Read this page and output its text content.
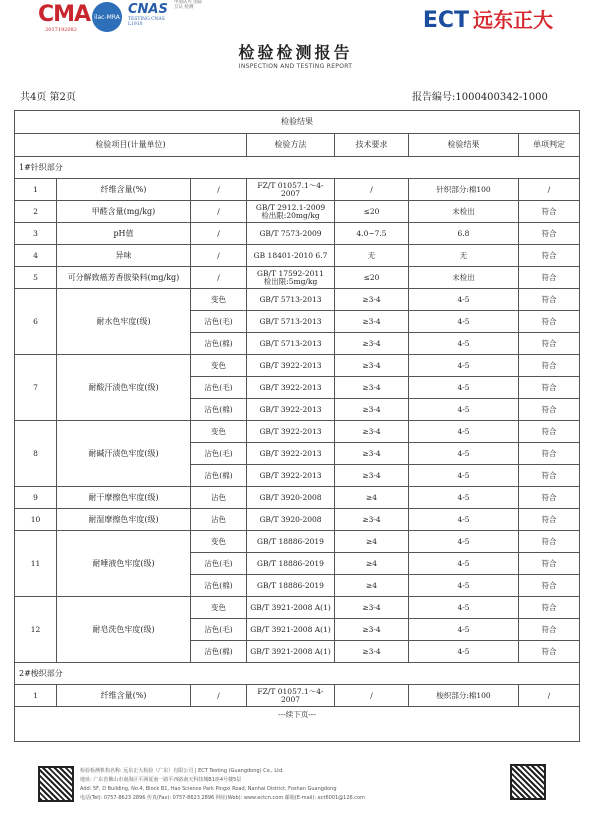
CMA
2017192082
ilac-MRA CNAS
TESTING CNAS L1910
中国认可 国际互认 检测
ECT 远东正大
检验检测报告
INSPECTION AND TESTING REPORT
共4页 第2页	报告编号:1000400342-1000
检验结果						
检验项目(计量单位)			检验方法	技术要求	检验结果	单项判定
1#针织部分						
1	纤维含量(%)	/	FZ/T 01057.1～4-2007	/	针织部分:棉100	/
2	甲醛含量(mg/kg)	/	GB/T 2912.1-2009
检出限:20mg/kg	≤20	未检出	符合
3	pH值	/	GB/T 7573-2009	4.0~7.5	6.8	符合
4	异味	/	GB 18401-2010 6.7	无	无	符合
5	可分解致癌芳香胺染料(mg/kg)	/	GB/T 17592-2011
检出限:5mg/kg	≤20	未检出	符合
6	耐水色牢度(级)	变色	GB/T 5713-2013	≥3-4	4-5	符合
		沾色(毛)	GB/T 5713-2013	≥3-4	4-5	符合
		沾色(棉)	GB/T 5713-2013	≥3-4	4-5	符合
7	耐酸汗渍色牢度(级)	变色	GB/T 3922-2013	≥3-4	4-5	符合
		沾色(毛)	GB/T 3922-2013	≥3-4	4-5	符合
		沾色(棉)	GB/T 3922-2013	≥3-4	4-5	符合
8	耐碱汗渍色牢度(级)	变色	GB/T 3922-2013	≥3-4	4-5	符合
		沾色(毛)	GB/T 3922-2013	≥3-4	4-5	符合
		沾色(棉)	GB/T 3922-2013	≥3-4	4-5	符合
9	耐干摩擦色牢度(级)	沾色	GB/T 3920-2008	≥4	4-5	符合
10	耐湿摩擦色牢度(级)	沾色	GB/T 3920-2008	≥3-4	4-5	符合
11	耐唾液色牢度(级)	变色	GB/T 18886-2019	≥4	4-5	符合
		沾色(毛)	GB/T 18886-2019	≥4	4-5	符合
		沾色(棉)	GB/T 18886-2019	≥4	4-5	符合
12	耐皂洗色牢度(级)	变色	GB/T 3921-2008 A(1)	≥3-4	4-5	符合
		沾色(毛)	GB/T 3921-2008 A(1)	≥3-4	4-5	符合
		沾色(棉)	GB/T 3921-2008 A(1)	≥3-4	4-5	符合
2#梭织部分						
1	纤维含量(%)	/	FZ/T 01057.1～4-2007	/	梭织部分:棉100	/
---续下页---						

检验检测机构名称: 远东正大检验（广东）有限公司 | ECT Testing (Guangdong) Co., Ltd.
地址: 广东省佛山市南海区平洲夏南一路平西路南天科技城B1座4号楼5层
Add: 5F, D Building, No.4, Block B1, Hao Science Park Pingxi Road, Nanhai District, Foshan Guangdong
电话(Tel): 0757-8623 2896 传真(Fax): 0757-8623 2896 网址(Web): www.ectcn.com 邮箱(E-mail): ect6001@126.com
